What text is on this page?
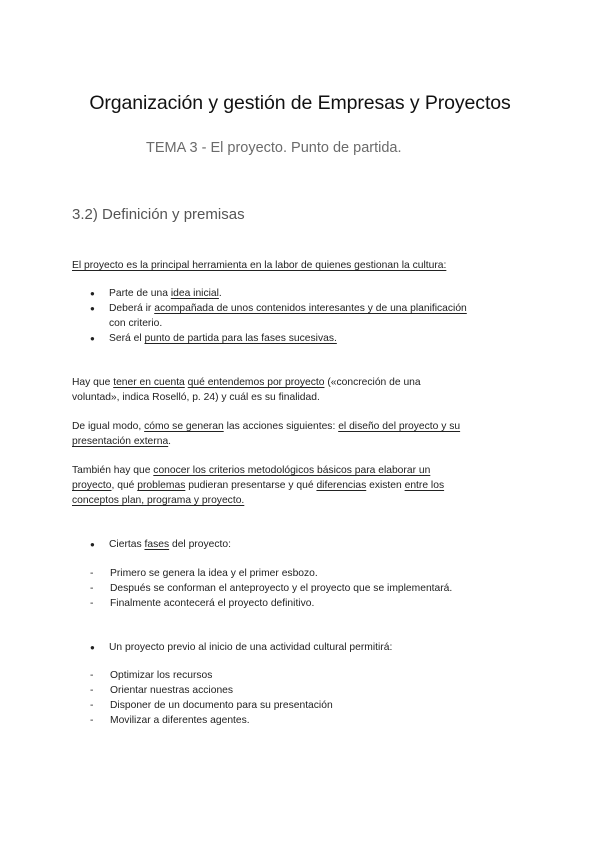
Organización y gestión de Empresas y Proyectos
TEMA 3 - El proyecto. Punto de partida.
3.2) Definición y premisas
El proyecto es la principal herramienta en la labor de quienes gestionan la cultura:
● Parte de una idea inicial.
● Deberá ir acompañada de unos contenidos interesantes y de una planificación
con criterio.
● Será el punto de partida para las fases sucesivas.
Hay que tener en cuenta qué entendemos por proyecto («concreción de una
voluntad», indica Roselló, p. 24) y cuál es su finalidad.
De igual modo, cómo se generan las acciones siguientes: el diseño del proyecto y su
presentación externa.
También hay que conocer los criterios metodológicos básicos para elaborar un
proyecto, qué problemas pudieran presentarse y qué diferencias existen entre los
conceptos plan, programa y proyecto.
● Ciertas fases del proyecto:
- Primero se genera la idea y el primer esbozo.
- Después se conforman el anteproyecto y el proyecto que se implementará.
- Finalmente acontecerá el proyecto definitivo.
● Un proyecto previo al inicio de una actividad cultural permitirá:
- Optimizar los recursos
- Orientar nuestras acciones
- Disponer de un documento para su presentación
- Movilizar a diferentes agentes.
